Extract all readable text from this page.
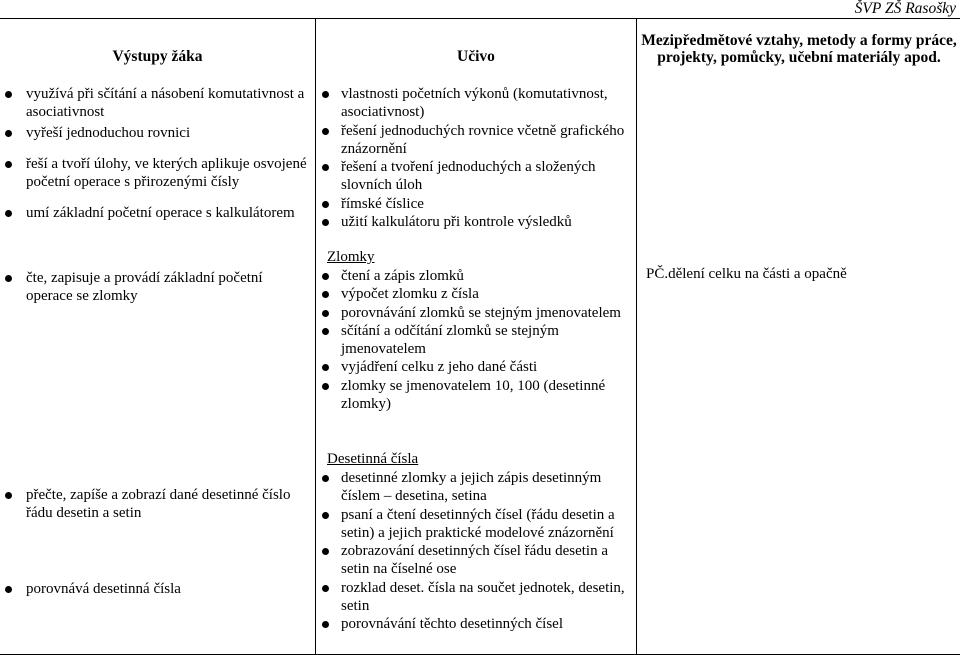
ŠVP ZŠ Rasošky
Výstupy žáka	Učivo
Mezipředmětové vztahy, metody a formy práce, projekty, pomůcky, učební materiály apod.
využívá při sčítání a násobení komutativnost a asociativnost
vyřeší jednoduchou rovnici
řeší a tvoří úlohy, ve kterých aplikuje osvojené početní operace s přirozenými čísly
umí základní početní operace s kalkulátorem
vlastnosti početních výkonů (komutativnost, asociativnost)
řešení jednoduchých rovnice včetně grafického znázornění
řešení a tvoření jednoduchých a složených slovních úloh
římské číslice
užití kalkulátoru při kontrole výsledků
čte, zapisuje a provádí základní početní operace se zlomky
Zlomky
čtení a zápis zlomků
výpočet zlomku z čísla
porovnávání zlomků se stejným jmenovatelem
sčítání a odčítání zlomků se stejným jmenovatelem
vyjádření celku z jeho dané části
zlomky se jmenovatelem 10, 100 (desetinné zlomky)
PČ.dělení celku na části a opačně
přečte, zapíše a zobrazí dané desetinné číslo řádu desetin a setin
porovnává desetinná čísla
Desetinná čísla
desetinné zlomky a jejich zápis desetinným číslem – desetina, setina
psaní a čtení desetinných čísel (řádu desetin a setin) a jejich praktické modelové znázornění
zobrazování desetinných čísel řádu desetin a setin na číselné ose
rozklad deset. čísla na součet jednotek, desetin, setin
porovnávání těchto desetinných čísel
